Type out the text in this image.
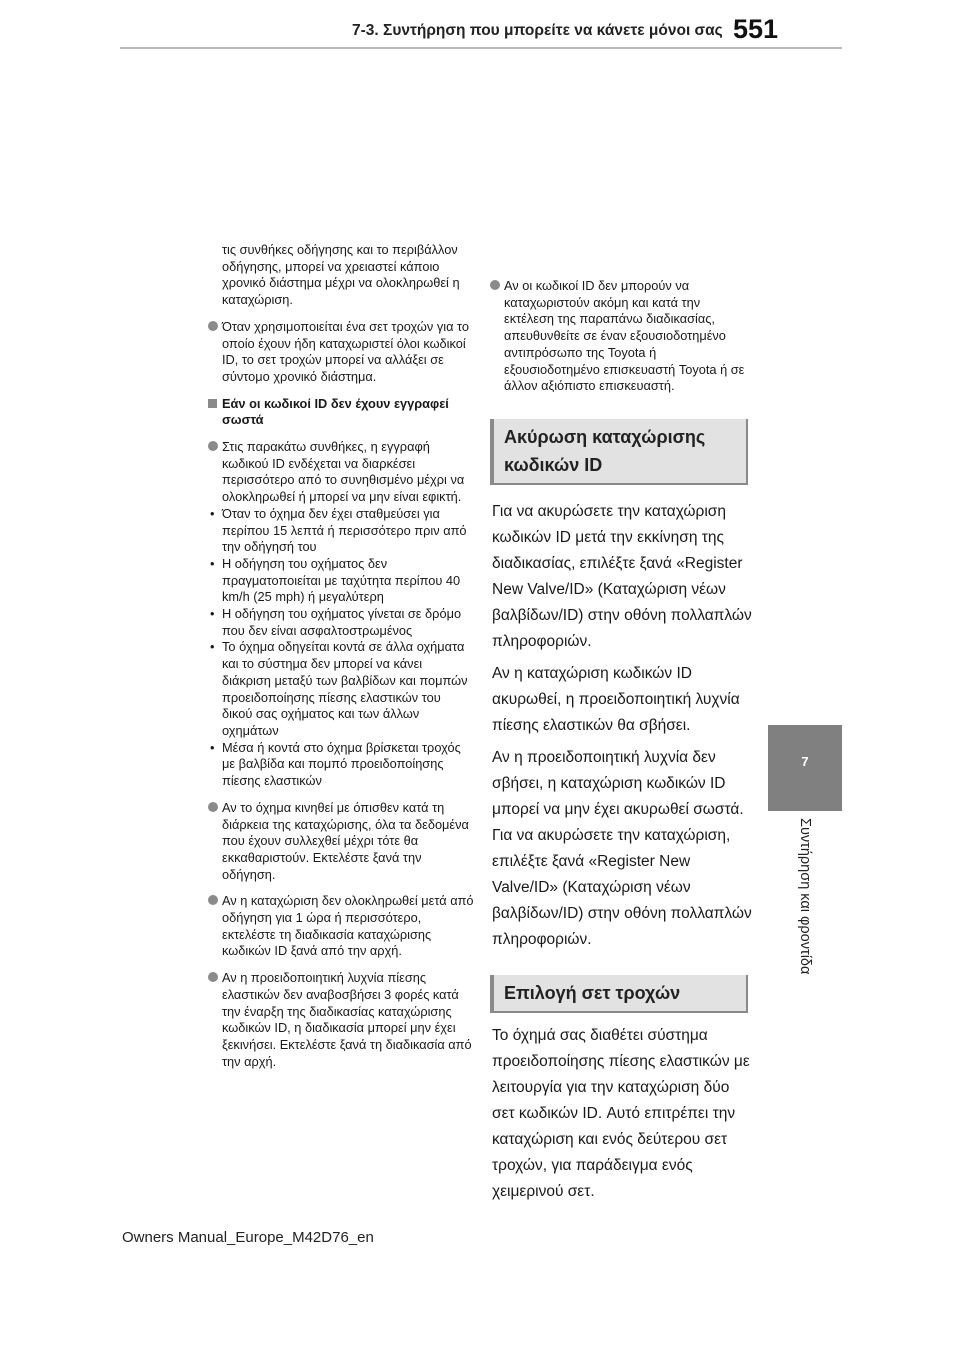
7-3. Συντήρηση που μπορείτε να κάνετε μόνοι σας 551
7
Συντήρηση και φροντίδα
τις συνθήκες οδήγησης και το περιβάλλον οδήγησης, μπορεί να χρειαστεί κάποιο χρονικό διάστημα μέχρι να ολοκληρωθεί η καταχώριση.
Όταν χρησιμοποιείται ένα σετ τροχών για το οποίο έχουν ήδη καταχωριστεί όλοι κωδικοί ID, το σετ τροχών μπορεί να αλλάξει σε σύντομο χρονικό διάστημα.
Εάν οι κωδικοί ID δεν έχουν εγγραφεί σωστά
Στις παρακάτω συνθήκες, η εγγραφή κωδικού ID ενδέχεται να διαρκέσει περισσότερο από το συνηθισμένο μέχρι να ολοκληρωθεί ή μπορεί να μην είναι εφικτή.
• Όταν το όχημα δεν έχει σταθμεύσει για περίπου 15 λεπτά ή περισσότερο πριν από την οδήγησή του
• Η οδήγηση του οχήματος δεν πραγματοποιείται με ταχύτητα περίπου 40 km/h (25 mph) ή μεγαλύτερη
• Η οδήγηση του οχήματος γίνεται σε δρόμο που δεν είναι ασφαλτοστρωμένος
• Το όχημα οδηγείται κοντά σε άλλα οχήματα και το σύστημα δεν μπορεί να κάνει διάκριση μεταξύ των βαλβίδων και πομπών προειδοποίησης πίεσης ελαστικών του δικού σας οχήματος και των άλλων οχημάτων
• Μέσα ή κοντά στο όχημα βρίσκεται τροχός με βαλβίδα και πομπό προειδοποίησης πίεσης ελαστικών
Αν το όχημα κινηθεί με όπισθεν κατά τη διάρκεια της καταχώρισης, όλα τα δεδομένα που έχουν συλλεχθεί μέχρι τότε θα εκκαθαριστούν. Εκτελέστε ξανά την οδήγηση.
Αν η καταχώριση δεν ολοκληρωθεί μετά από οδήγηση για 1 ώρα ή περισσότερο, εκτελέστε τη διαδικασία καταχώρισης κωδικών ID ξανά από την αρχή.
Αν η προειδοποιητική λυχνία πίεσης ελαστικών δεν αναβοσβήσει 3 φορές κατά την έναρξη της διαδικασίας καταχώρισης κωδικών ID, η διαδικασία μπορεί μην έχει ξεκινήσει. Εκτελέστε ξανά τη διαδικασία από την αρχή.
Αν οι κωδικοί ID δεν μπορούν να καταχωριστούν ακόμη και κατά την εκτέλεση της παραπάνω διαδικασίας, απευθυνθείτε σε έναν εξουσιοδοτημένο αντιπρόσωπο της Toyota ή εξουσιοδοτημένο επισκευαστή Toyota ή σε άλλον αξιόπιστο επισκευαστή.
Ακύρωση καταχώρισης κωδικών ID

Για να ακυρώσετε την καταχώριση κωδικών ID μετά την εκκίνηση της διαδικασίας, επιλέξτε ξανά «Register New Valve/ID» (Καταχώριση νέων βαλβίδων/ID) στην οθόνη πολλαπλών πληροφοριών.

Αν η καταχώριση κωδικών ID ακυρωθεί, η προειδοποιητική λυχνία πίεσης ελαστικών θα σβήσει.

Αν η προειδοποιητική λυχνία δεν σβήσει, η καταχώριση κωδικών ID μπορεί να μην έχει ακυρωθεί σωστά. Για να ακυρώσετε την καταχώριση, επιλέξτε ξανά «Register New Valve/ID» (Καταχώριση νέων βαλβίδων/ID) στην οθόνη πολλαπλών πληροφοριών.

Επιλογή σετ τροχών

Το όχημά σας διαθέτει σύστημα προειδοποίησης πίεσης ελαστικών με λειτουργία για την καταχώριση δύο σετ κωδικών ID. Αυτό επιτρέπει την καταχώριση και ενός δεύτερου σετ τροχών, για παράδειγμα ενός χειμερινού σετ.

Owners Manual_Europe_M42D76_en
